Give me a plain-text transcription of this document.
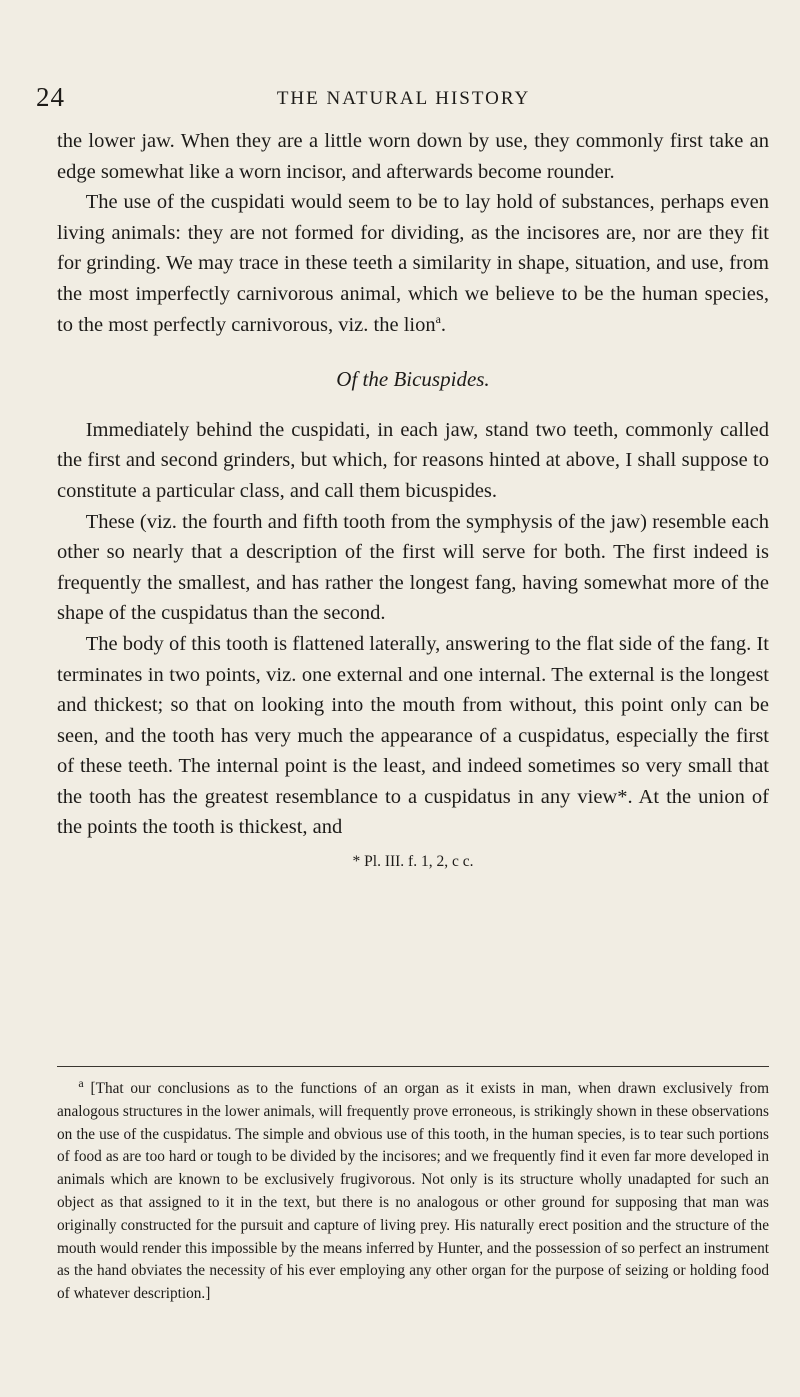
24	THE NATURAL HISTORY

the lower jaw. When they are a little worn down by use, they commonly first take an edge somewhat like a worn incisor, and afterwards become rounder.

The use of the cuspidati would seem to be to lay hold of substances, perhaps even living animals: they are not formed for dividing, as the incisores are, nor are they fit for grinding. We may trace in these teeth a similarity in shape, situation, and use, from the most imperfectly carnivorous animal, which we believe to be the human species, to the most perfectly carnivorous, viz. the lion$^a$.

Of the Bicuspides.

Immediately behind the cuspidati, in each jaw, stand two teeth, commonly called the first and second grinders, but which, for reasons hinted at above, I shall suppose to constitute a particular class, and call them bicuspides.

These (viz. the fourth and fifth tooth from the symphysis of the jaw) resemble each other so nearly that a description of the first will serve for both. The first indeed is frequently the smallest, and has rather the longest fang, having somewhat more of the shape of the cuspidatus than the second.

The body of this tooth is flattened laterally, answering to the flat side of the fang. It terminates in two points, viz. one external and one internal. The external is the longest and thickest; so that on looking into the mouth from without, this point only can be seen, and the tooth has very much the appearance of a cuspidatus, especially the first of these teeth. The internal point is the least, and indeed sometimes so very small that the tooth has the greatest resemblance to a cuspidatus in any view*. At the union of the points the tooth is thickest, and

* Pl. III. f. 1, 2, c c.

$^a$ [That our conclusions as to the functions of an organ as it exists in man, when drawn exclusively from analogous structures in the lower animals, will frequently prove erroneous, is strikingly shown in these observations on the use of the cuspidatus. The simple and obvious use of this tooth, in the human species, is to tear such portions of food as are too hard or tough to be divided by the incisores; and we frequently find it even far more developed in animals which are known to be exclusively frugivorous. Not only is its structure wholly unadapted for such an object as that assigned to it in the text, but there is no analogous or other ground for supposing that man was originally constructed for the pursuit and capture of living prey. His naturally erect position and the structure of the mouth would render this impossible by the means inferred by Hunter, and the possession of so perfect an instrument as the hand obviates the necessity of his ever employing any other organ for the purpose of seizing or holding food of whatever description.]
